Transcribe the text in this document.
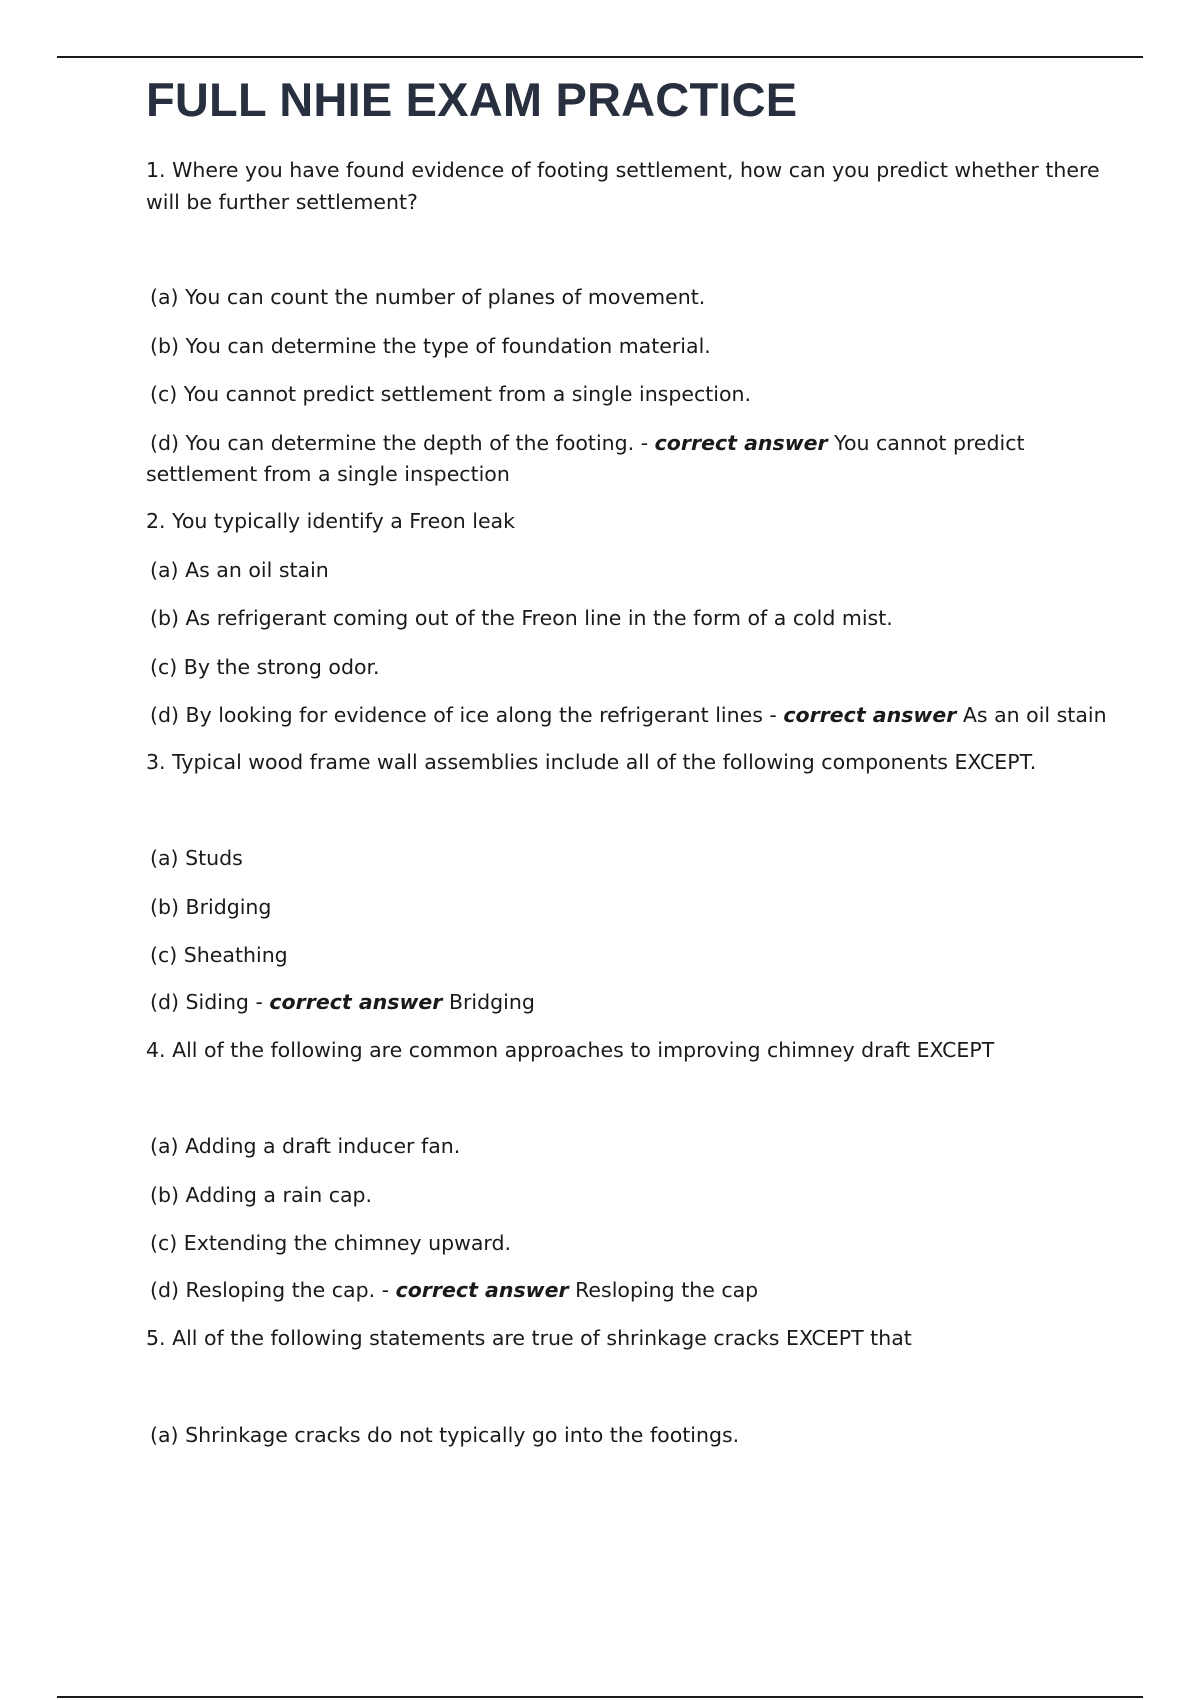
FULL NHIE EXAM PRACTICE

1. Where you have found evidence of footing settlement, how can you predict whether there

will be further settlement?

(a) You can count the number of planes of movement.

(b) You can determine the type of foundation material.

(c) You cannot predict settlement from a single inspection.

(d) You can determine the depth of the footing. - correct answer You cannot predict

settlement from a single inspection

2. You typically identify a Freon leak

(a) As an oil stain

(b) As refrigerant coming out of the Freon line in the form of a cold mist.

(c) By the strong odor.

(d) By looking for evidence of ice along the refrigerant lines - correct answer As an oil stain

3. Typical wood frame wall assemblies include all of the following components EXCEPT.

(a) Studs

(b) Bridging

(c) Sheathing

(d) Siding - correct answer Bridging

4. All of the following are common approaches to improving chimney draft EXCEPT

(a) Adding a draft inducer fan.

(b) Adding a rain cap.

(c) Extending the chimney upward.

(d) Resloping the cap. - correct answer Resloping the cap

5. All of the following statements are true of shrinkage cracks EXCEPT that

(a) Shrinkage cracks do not typically go into the footings.
